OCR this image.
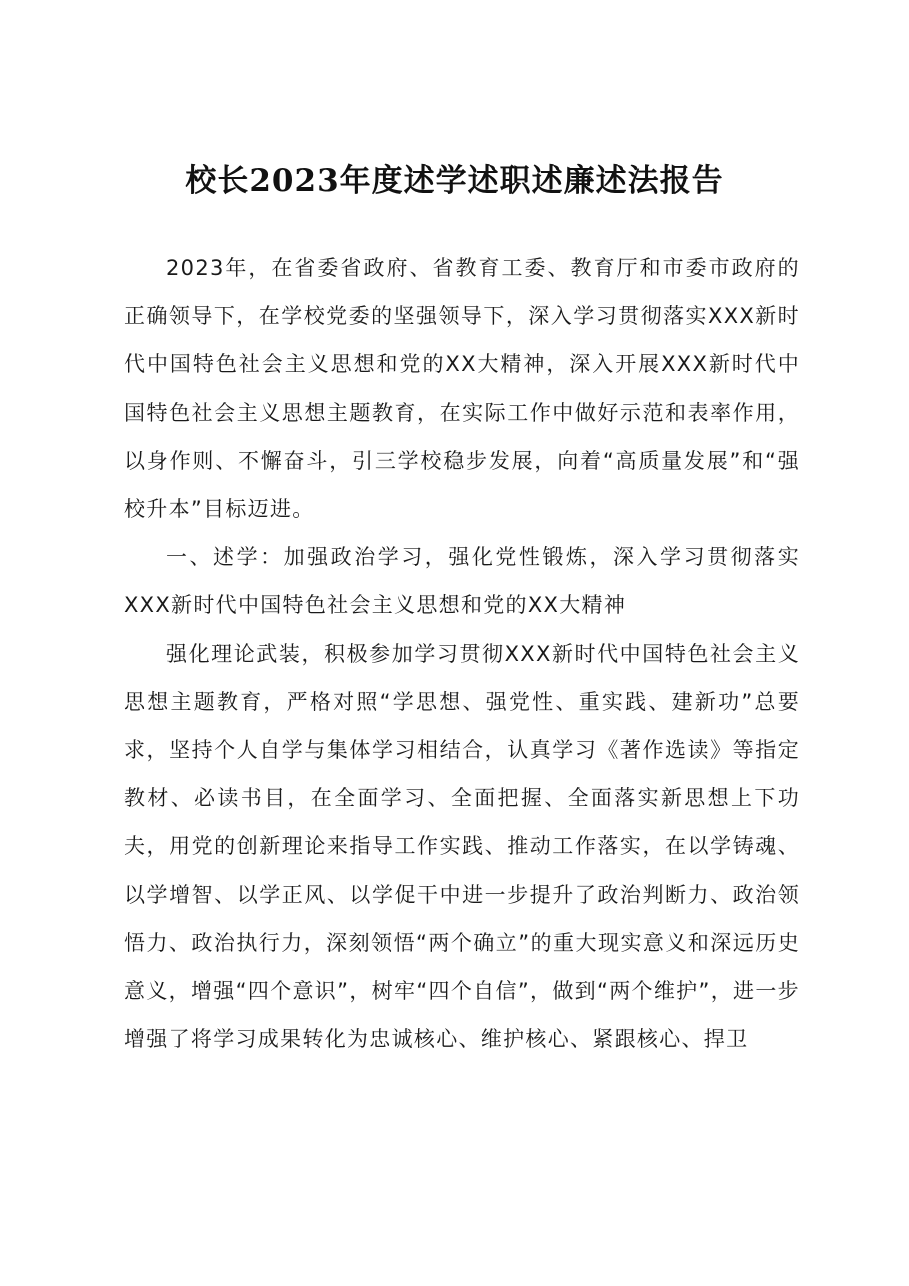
校长2023年度述学述职述廉述法报告

2023年，在省委省政府、省教育工委、教育厅和市委市政府的正确领导下，在学校党委的坚强领导下，深入学习贯彻落实XXX新时代中国特色社会主义思想和党的XX大精神，深入开展XXX新时代中国特色社会主义思想主题教育，在实际工作中做好示范和表率作用，以身作则、不懈奋斗，引三学校稳步发展，向着“高质量发展”和“强校升本”目标迈进。

一、述学：加强政治学习，强化党性锻炼，深入学习贯彻落实XXX新时代中国特色社会主义思想和党的XX大精神

强化理论武装，积极参加学习贯彻XXX新时代中国特色社会主义思想主题教育，严格对照“学思想、强党性、重实践、建新功”总要求，坚持个人自学与集体学习相结合，认真学习《著作选读》等指定教材、必读书目，在全面学习、全面把握、全面落实新思想上下功夫，用党的创新理论来指导工作实践、推动工作落实，在以学铸魂、以学增智、以学正风、以学促干中进一步提升了政治判断力、政治领悟力、政治执行力，深刻领悟“两个确立”的重大现实意义和深远历史意义，增强“四个意识”，树牢“四个自信”，做到“两个维护”，进一步增强了将学习成果转化为忠诚核心、维护核心、紧跟核心、捍卫
